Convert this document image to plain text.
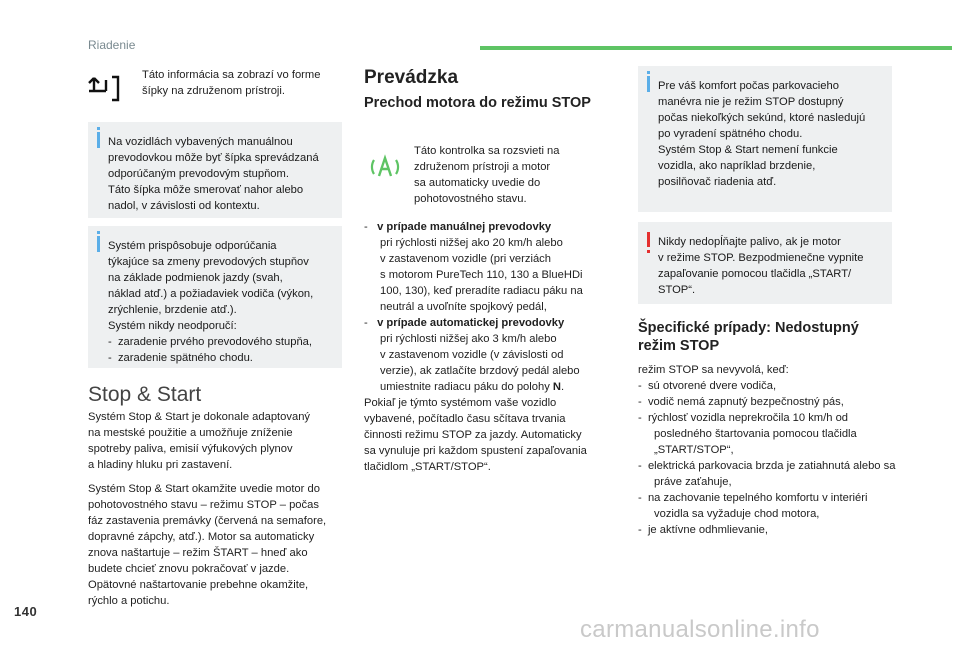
Riadenie
140
carmanualsonline.info
Táto informácia sa zobrazí vo forme
šípky na združenom prístroji.
Na vozidlách vybavených manuálnou
prevodovkou môže byť šípka sprevádzaná
odporúčaným prevodovým stupňom.
Táto šípka môže smerovať nahor alebo
nadol, v závislosti od kontextu.
Systém prispôsobuje odporúčania
týkajúce sa zmeny prevodových stupňov
na základe podmienok jazdy (svah,
náklad atď.) a požiadaviek vodiča (výkon,
zrýchlenie, brzdenie atď.).
Systém nikdy neodporučí:
-  zaradenie prvého prevodového stupňa,
-  zaradenie spätného chodu.
Stop & Start
Systém Stop & Start je dokonale adaptovaný
na mestské použitie a umožňuje zníženie
spotreby paliva, emisií výfukových plynov
a hladiny hluku pri zastavení.
Systém Stop & Start okamžite uvedie motor do
pohotovostného stavu – režimu STOP – počas
fáz zastavenia premávky (červená na semafore,
dopravné zápchy, atď.). Motor sa automaticky
znova naštartuje – režim ŠTART – hneď ako
budete chcieť znovu pokračovať v jazde.
Opätovné naštartovanie prebehne okamžite,
rýchlo a potichu.
Prevádzka
Prechod motora do režimu STOP
Táto kontrolka sa rozsvieti na
združenom prístroji a motor
sa automaticky uvedie do
pohotovostného stavu.
-   v prípade manuálnej prevodovky
pri rýchlosti nižšej ako 20 km/h alebo
v zastavenom vozidle (pri verziách
s motorom PureTech 110, 130 a BlueHDi
100, 130), keď preradíte radiacu páku na
neutrál a uvoľníte spojkový pedál,
-   v prípade automatickej prevodovky
pri rýchlosti nižšej ako 3 km/h alebo
v zastavenom vozidle (v závislosti od
verzie), ak zatlačíte brzdový pedál alebo
umiestnite radiacu páku do polohy N.
Pokiaľ je týmto systémom vaše vozidlo
vybavené, počítadlo času sčítava trvania
činnosti režimu STOP za jazdy. Automaticky
sa vynuluje pri každom spustení zapaľovania
tlačidlom „START/STOP“.
Pre váš komfort počas parkovacieho
manévra nie je režim STOP dostupný
počas niekoľkých sekúnd, ktoré nasledujú
po vyradení spätného chodu.
Systém Stop & Start nemení funkcie
vozidla, ako napríklad brzdenie,
posilňovač riadenia atď.
Nikdy nedopĺňajte palivo, ak je motor
v režime STOP. Bezpodmienečne vypnite
zapaľovanie pomocou tlačidla „START/
STOP“.
Špecifické prípady: Nedostupný
režim STOP
režim STOP sa nevyvolá, keď:
-  sú otvorené dvere vodiča,
-  vodič nemá zapnutý bezpečnostný pás,
-  rýchlosť vozidla neprekročila 10 km/h od posledného štartovania pomocou tlačidla „START/STOP“,
-  elektrická parkovacia brzda je zatiahnutá alebo sa práve zaťahuje,
-  na zachovanie tepelného komfortu v interiéri vozidla sa vyžaduje chod motora,
-  je aktívne odhmlievanie,
